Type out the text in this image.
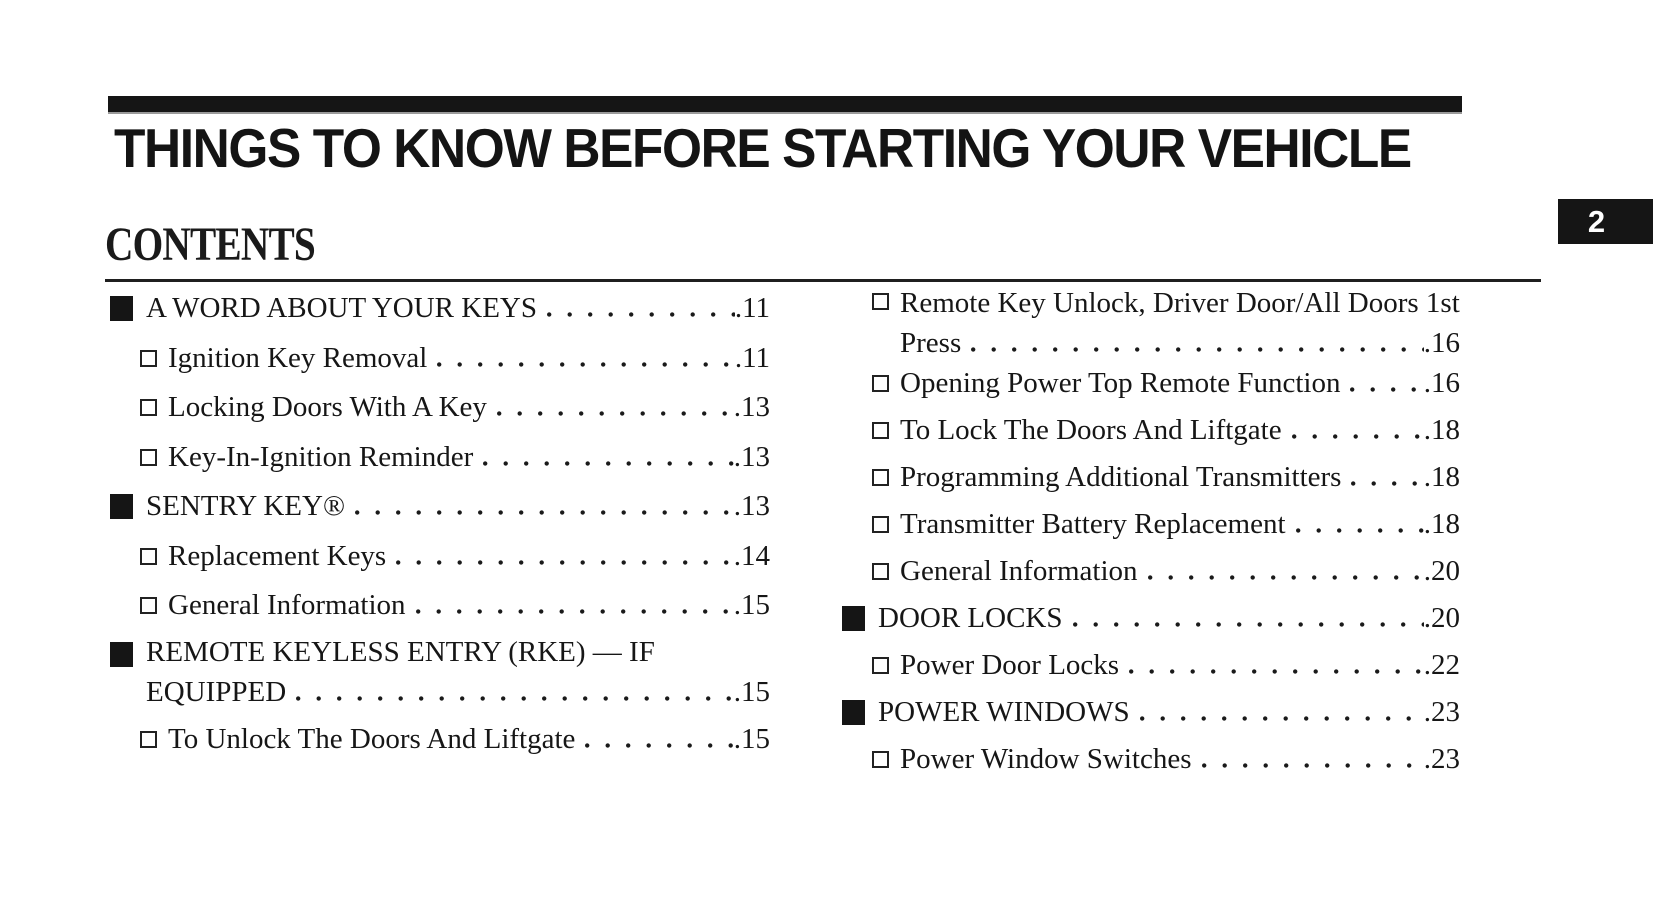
THINGS TO KNOW BEFORE STARTING YOUR VEHICLE
2
CONTENTS
A WORD ABOUT YOUR KEYS	. 11
Ignition Key Removal	. 11
Locking Doors With A Key	. 13
Key-In-Ignition Reminder	. 13
SENTRY KEY®	. 13
Replacement Keys	. 14
General Information	. 15
REMOTE KEYLESS ENTRY (RKE) — IF
EQUIPPED	. 15
To Unlock The Doors And Liftgate	. 15
Remote Key Unlock, Driver Door/All Doors 1st
Press	. 16
Opening Power Top Remote Function	. 16
To Lock The Doors And Liftgate	. 18
Programming Additional Transmitters	. 18
Transmitter Battery Replacement	. 18
General Information	. 20
DOOR LOCKS	. 20
Power Door Locks	. 22
POWER WINDOWS	. 23
Power Window Switches	. 23
